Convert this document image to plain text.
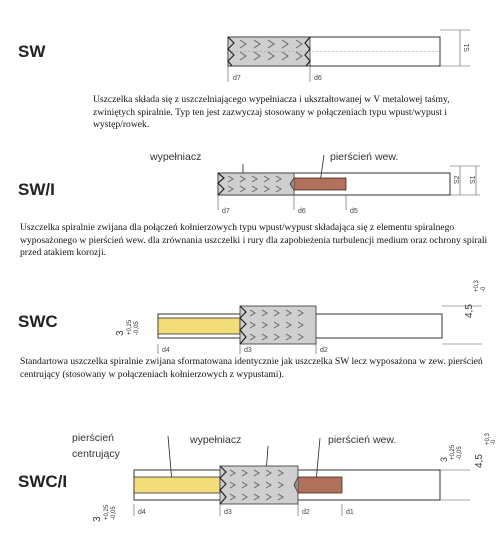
SW
d7	d6
S1
Uszczelka składa się z uszczelniającego wypełniacza i ukształtowanej w V metalowej taśmy, zwiniętych spiralnie. Typ ten jest zazwyczaj stosowany w połączeniach typu wpust/wypust i występ/rowek.
SW/I
wypełniacz	pierścień wew.
d7	d6	d5
S2 S1
Uszczelka spiralnie zwijana dla połączeń kołnierzowych typu wpust/wypust składająca się z elementu spiralnego wyposażonego w pierścień wew. dla zrównania uszczelki i rury dla zapobieżenia turbulencji medium oraz ochrony spirali przed atakiem korozji.
SWC
3 +0,25 -0,05
d4	d3	d2
4,5
+0,3 -0
Standartowa uszczelka spiralnie zwijana sformatowana identycznie jak uszczelka SW lecz wyposażona w zew. pierścień centrujący (stosowany w połączeniach kołnierzowych z wypustami).
SWC/I
pierścień
centrujący
wypełniacz	pierścień wew.
3 +0,25 -0,05	d4	d3	d2	d1
3 +0,25 -0,05
4,5
+0,3 -0
